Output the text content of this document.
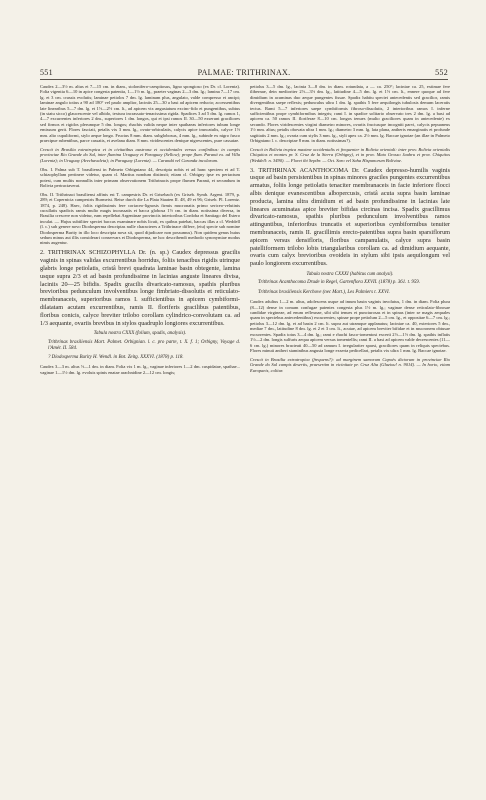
551	PALMAE: TRITHRINAX.	552

Caudex 2—3½ m. altus et 7—15 cm. in diam., stoloniferо-caespitosus, lignо spongiоso (ex Dr. cl. Lorentz). Folia vigentia 6—10 in apice congesta patentia, 1—1½ m. lg., praeter vaginas 2—3 dm. lg.; lamina 7—17 cm. lg. et 3 cm. crassis evolutis; laminae petiolos 7 dm. lg. laminam plus, angulato, valde compresso et ancipi; laminae angulo totius a 90 ad 180° vel paulo amplior, laciniis 25—30 a basi ad apicem reducto; accessentibus late linearibus 5—7 dm. lg. et 1½—2½ cm. lt., ad apicem vix angustatum excinc-fido et pungentibus, subtus (in statu sicco) glaucescente vel albido, textura incrassato-tenacissima rigida. Spadices 3 ad 5 dm. lg. ramos 1, 4—7 excurrentes inferiores 2 dm., superiores 1 dm. longos, qui et ipsi ramos II. 30—50 exserunt graciliores sed firmos et rigidos plerumque 5 dm. longos; rhachis valida neque inter spathaeas inferiores tubum longe emissum gerit. Flores fasciati, petalis vix 3 mm. lg., ovato-orbiculatis, calycis apice truncatulis, calyce 1½ mm. alto cupuliformi, stylo aeque longo. Fructus 8 mm. diam. subglobosus, 4 mm. lg., subinde ex nigro fusco praecipue rubentibus, parce cassatis, et avelana diam. 8 mm. viridescentes denique nigrescentes, pure cassatae.

Crescit in Brasilia extratropica et in civitatibus austrоna et occidentales versus confinibus: in campis provinciae Rio Grande do Sul, inter flumina Uruguay et Paraguay (Sellow); prope flum. Paraná ex. ad Villa (Lorentz); in Uruguay (Arechavaleta); in Paraguay (Lorentz). — Carandá vel Caranda incolarum.

Obs. I. Palma sub T. brasiliensi in Palmetо Orbignianо 44, descripta nobis et ad hanc speciem et ad T. schizophyllam pertinere videtur, quam cl. Martius nondum distinxit; etiam cl. Orbigny ipse ex pertactum potest, cum multis nonnullis inter primam observationem Trithrinacis prope flumen Paraná, et secundum in Bolivia pertractaverat.

Obs. II. Trithrinaci brasiliensi affinis est T. campestris Dr. et Grisebach (ex Griseb. Symb. Argent. 1879, p. 289; et Copernicia campestris Burmeist. Reise durch die La Plata Staaten II. 48, 49 et 96; Griseb. Pl. Lorentz. 1874, p. 248). Haec, foliis rigidissimis fere coriaceo-lignosis firmis mucronatis primo sericeo-velutinis cucullatis spadicis ramis multo magis incrassatis et bacca globosa 1½ cm. in diam. notissima diversa, in Brasilia crescere non videtur, eam repellebat Argentinae provinciis interioribus Cordoba et Santiago del Estero inculat. — Hujus subtiliter speciei baccas examinare nobis licuit, ex quibus patebat, baccas illas a cl. Weddell (l. c.) sub genere novo Diodosperma descriptas nulle characteres a Trithrinace differe, (eiu) specie sub nomine Diodosperma Burity in illo loco descripta nova sit, quod dijudicare non possumus). Non quidem genus huius sedum minus aut illis considerari conservars et Diodosperma, ne hoc describendi methodo synonymiae modus nimis augentur.

2. TRITHRINAX SCHIZOPHYLLA Dr. (n. sp.) Caudex depressus gracilis vaginis in spinas validas excurrentibus horridus, foliis tenacibus rigidis utrinque glabris longe petiolatis, cristâ brevi quadrata laminae basin obtegente, lamina usque supra 2/3 et ad basin profundissime in lacinias anguste lineares divisa, laciniis 20—25 bifidis. Spadix gracilis divaricato-ramosus, spathis pluribus brevioribus pedunculum involventibus longe fimbriato-dissolutis et reticulato-membranaceis, superioribus ramos I. sufficientibus in apicem cymbiformi-dilatatam acutam excurrentibus, ramis II. floriferis gracilibus patentibus, floribus conicis, calyce breviter trilobo corollam cylindrico-convolutam ca. ad 1/3 aequante, ovariis brevibus in stylos quadruplo longiores excurrentibus.

Tabula nostra CXXX (folium, spadix, analysis).

Trithrinax brasiliensis Mart. Palmet. Orbignian. l. c. pro parte, t. X. f. 1; Orbigny, Voyage d. l'Amér. II. 584.

? Diodosperma Burity H. Wendl. in Bot. Zeitg. XXXVI. (1878) p. 118.

Caudex 3—3 m. altus ½—1 dm. in diam. Folia vix 1 m. lg., vaginae inferiores 1—2 dm. cuspidatae, spathae... vaginae 1—1½ dm. lg. evoluis spinis enatae arachnidine 2—12 cm. longis;

petiolus 3—5 dm. lg., lacinia 3—8 dm. in diam. rotundata, a — ca. 250°; laciniae ca. 25, extimae fere ilibernae, dein medioriter 2½—3½ dm. lg., latitudine 4—5 dm. lg. et 1½ cm. lt., ennere quoque ad fere dimidium in acuminas duo aeque pungentes fissae. Spadix habitu speciei antecedentis sed gracilior, ramis divergentibus saepe reflexis; pedunculus ultra 1 dm. lg. spathis 5 fere aequilongis tubulosis demum laceratis tectus. Rami 5—7 inferiores saepe cymbiformis fibroso-dissolutis, 2 interioribus ramos I. inferne sufficientibus prope cymbiformibus integris; rami I. in spadice solitario observato tres 2 dm. lg. a basi ad apicem ca. 50 ramos II. floriferae 8—10 cm. longos tenues (multo graciliores quam in antecedente) ex secundo. Flores viridescentes virgini diametro minores, ovariis fructusque incogniti parvi, calycis pepuaneus 1½ mm. altus; petalis obovata ultra 1 mm. lg.; diametro 3 mm. lg. lata plana, antheris emarginatis et profunde sagittatis 2 mm. lg.; ovaria cum stylis 3 mm. lg., styli apex ca. 2½ mm. lg. Baccae ignotae (an illae in Palmeto Orbigniano l. c. descriptae 8 mm. in diam. notissimas?).

Crescit in Bolivia tropica maxime occidentalis et frequenter in Bolivia orientali: inter prov. Bolivia orientalis Chiquitos et montes pr. S. Cruz de la Sierra (Orbigny), et in prov. Mato Grosso Jauhru et prov. Chiquitos (Weddell: n. 3490). — Floret ibi Septbr. — Oct. Saro vel Saha Hispanorum Boliviae.

3. TRITHRINAX ACANTHOCOMA Dr. Caudex depresso-humilis vaginis usque ad basin persistentibus in spinas minores graciles pungentes excurrentibus armatus, foliis longe petiolatis tenaciter membranaceis in facie inferiore flocci albis denique evanescentibus albopercusis, cristâ acuta supra basin laminae producta, lamina ultra dimidium et ad basin profundissime in lacinias late lineares acuminatas apice breviter bifidas circinas incisa. Spadix gracillimus divaricato-ramosus, spathis pluribus pedunculum involventibus ramos attinguntibus, inferioribus truncatis et superioribus cymbiformibus tenuiter membranaceis, ramis II. gracillimis erecto-patentibus supra basin sparsiflorum apicem versus densifloris, floribus campanulatis, calyce supra basin patelliformem trilobo lobis triangularibus corollam ca. ad dimidium aequante, ovaris cum calyx brevioribus ovoideis in stylum sibi ipsis aequilongum vel paulo longiorem excurrentibus.

Tabula nostra CXXXI (habitus cum analysi).

Trithrinax Acanthocoma Drude in Regel, Gartenflora XXVII. (1878) p. 361. t. 959.

Trithrinax brasiliensis Kerchove (nec Mart.), Les Palmiers t. XXVI.

Caudex adultus 1—2 m. altus, adolescens usque ad imum basin vaginis involutus, 1 dm. in diam. Folia plura (8—12) dense in comam confugae patentes congesta plus 1½ m. lg.; vaginae dense reticulato-fibrosae candidae virgineae, ad enum reflexnae, sibi sibi tenues et puncturosas et in spinas (inter se magis aequales quam in speciebus antecedentibus) excurrentes; spinae prope petiolum 2—5 cm. lg., et oppositae 6—7 cm. lg.; petiolus 3—12 dm. lg. et ad basin 2 cm. lt. supra aut utramque applanatus; laciniae ca. 40, exteriores 5 dm., mediae 7 dm., latitudine 8 dm. lg. et 2 et 3 cm. lt., acutae, ad apicem breviter bifidae et in mucronem obtusae excurrentes. Spadix totus 3—4 dm. lg.; rami e rhachi fasco-tomentosi excerti 2½—1½ dm. lg. spathis inflatis 1½—2 dm. longis sulfuris aequa apicem versus tomentellis; rami II. a basi ad apicem valde decrescentes (11—6 cm. lg.) minores bracteati 40—50 ad ramum I. irregulariter sparsi, graciliores quam in reliquis speciebus. Flores minuti antheri staminibus angusta longe exserta pedicellari, petalis vix ultra 1 mm. lg. Baccae ignotae.

Crescit in Brasilia extratropica (frequens?): ad marginem samorum Capoès dictorum in provinciae Rio Grande do Sul campis desertis, praesertim in vicinitate pr. Cruz Alta (Glaziou! n. 9014). — In horto, etiam Europaeis, colitur.
